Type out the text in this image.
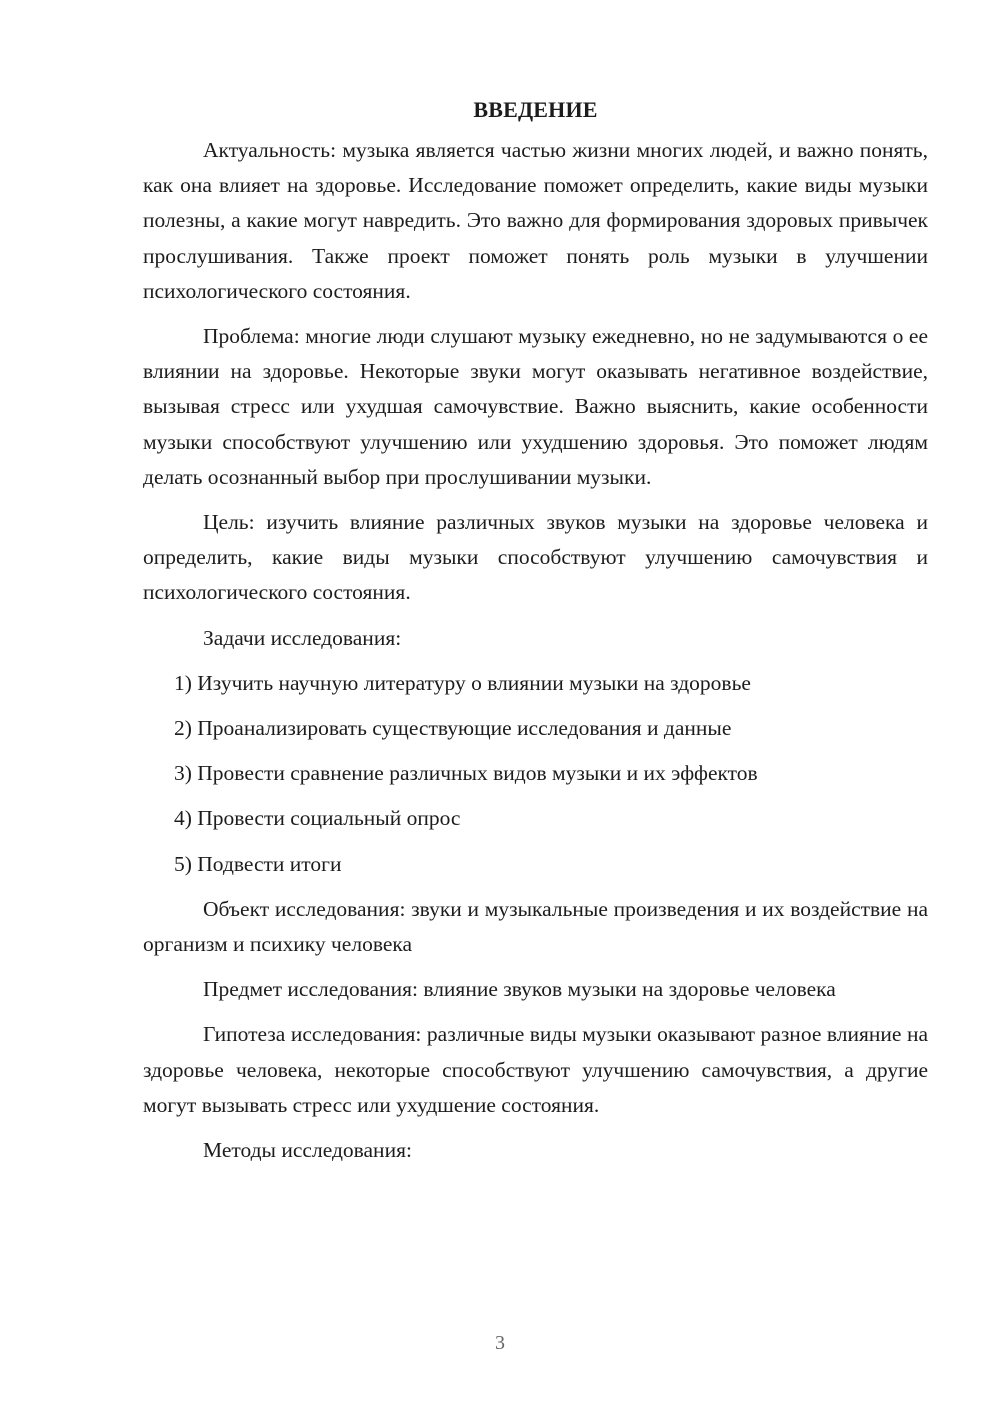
ВВЕДЕНИЕ

Актуальность: музыка является частью жизни многих людей, и важно понять, как она влияет на здоровье. Исследование поможет определить, какие виды музыки полезны, а какие могут навредить. Это важно для формирования здоровых привычек прослушивания. Также проект поможет понять роль музыки в улучшении психологического состояния.

Проблема: многие люди слушают музыку ежедневно, но не задумываются о ее влиянии на здоровье. Некоторые звуки могут оказывать негативное воздействие, вызывая стресс или ухудшая самочувствие. Важно выяснить, какие особенности музыки способствуют улучшению или ухудшению здоровья. Это поможет людям делать осознанный выбор при прослушивании музыки.

Цель: изучить влияние различных звуков музыки на здоровье человека и определить, какие виды музыки способствуют улучшению самочувствия и психологического состояния.

Задачи исследования:

1) Изучить научную литературу о влиянии музыки на здоровье
2) Проанализировать существующие исследования и данные
3) Провести сравнение различных видов музыки и их эффектов
4) Провести социальный опрос
5) Подвести итоги

Объект исследования: звуки и музыкальные произведения и их воздействие на организм и психику человека

Предмет исследования: влияние звуков музыки на здоровье человека

Гипотеза исследования: различные виды музыки оказывают разное влияние на здоровье человека, некоторые способствуют улучшению самочувствия, а другие могут вызывать стресс или ухудшение состояния.

Методы исследования:

3
